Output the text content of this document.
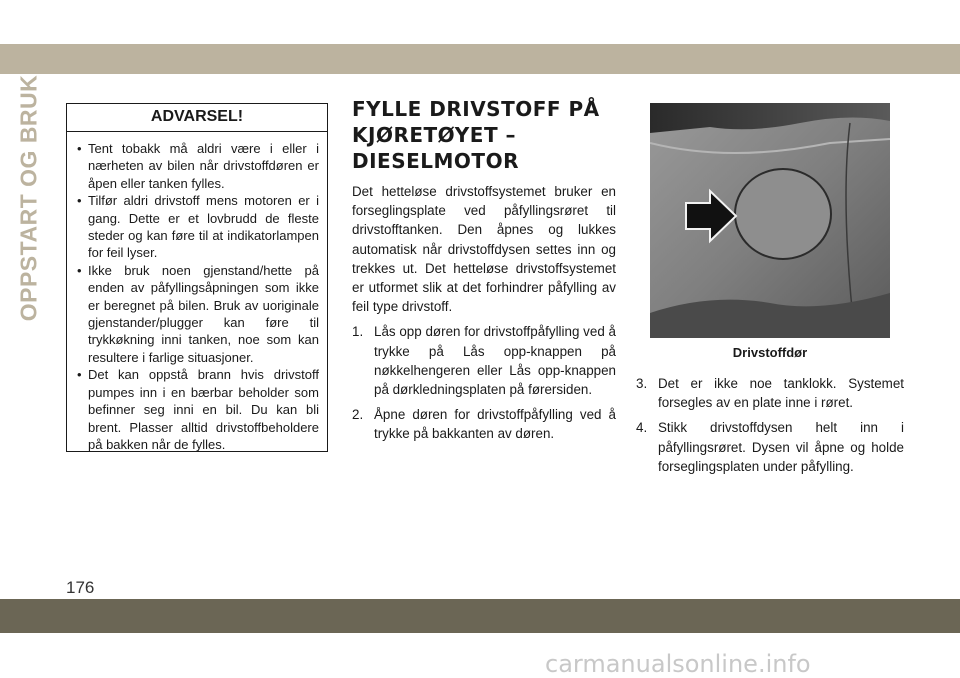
OPPSTART OG BRUK	ADVARSEL!
• Tent tobakk må aldri være i eller i nærheten av bilen når drivstoffdøren er åpen eller tanken fylles.
• Tilfør aldri drivstoff mens motoren er i gang. Dette er et lovbrudd de fleste steder og kan føre til at indikatorlampen for feil lyser.
• Ikke bruk noen gjenstand/hette på enden av påfyllingsåpningen som ikke er beregnet på bilen. Bruk av uoriginale gjenstander/plugger kan føre til trykkøkning inni tanken, noe som kan resultere i farlige situasjoner.
• Det kan oppstå brann hvis drivstoff pumpes inn i en bærbar beholder som befinner seg inni en bil. Du kan bli brent. Plasser alltid drivstoffbeholdere på bakken når de fylles.
FYLLE DRIVSTOFF PÅ
KJØRETØYET –
DIESELMOTOR
Det hetteløse drivstoffsystemet bruker en forseglingsplate ved påfyllingsrøret til drivstofftanken. Den åpnes og lukkes automatisk når drivstoffdysen settes inn og trekkes ut. Det hetteløse drivstoffsystemet er utformet slik at det forhindrer påfylling av feil type drivstoff.
1. Lås opp døren for drivstoffpåfylling ved å trykke på Lås opp-knappen på nøkkelhengeren eller Lås opp-knappen på dørkledningsplaten på førersiden.
2. Åpne døren for drivstoffpåfylling ved å trykke på bakkanten av døren.
Drivstoffdør
3. Det er ikke noe tanklokk. Systemet forsegles av en plate inne i røret.
4. Stikk drivstoffdysen helt inn i påfyllingsrøret. Dysen vil åpne og holde forseglingsplaten under påfylling.
176
carmanualsonline.info
